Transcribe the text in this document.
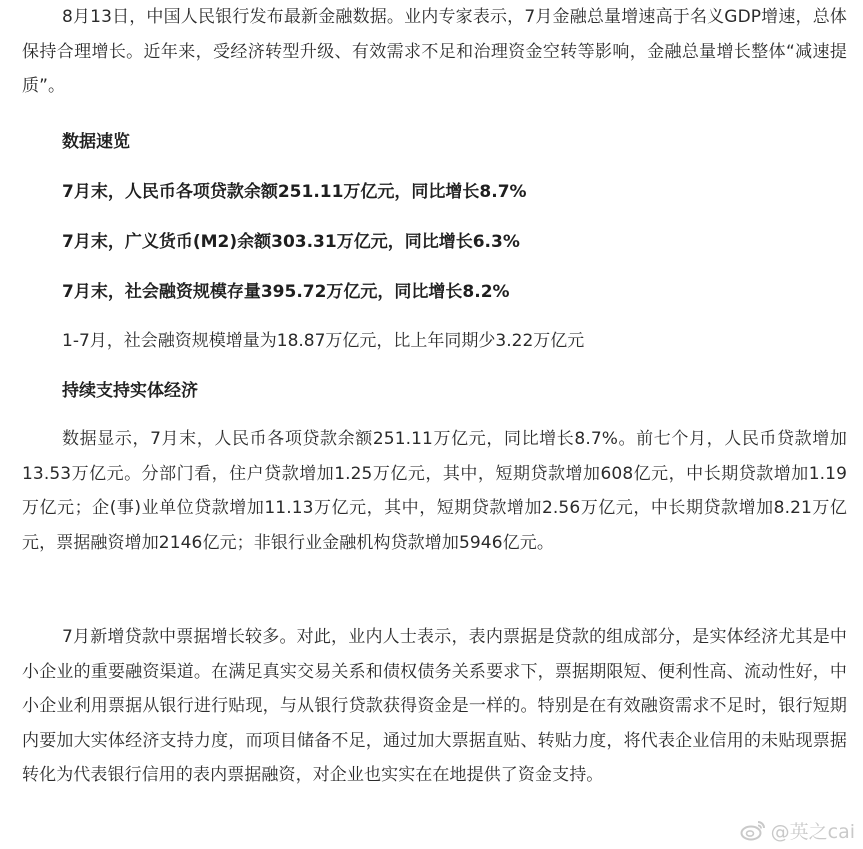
8月13日，中国人民银行发布最新金融数据。业内专家表示，7月金融总量增速高于名义GDP增速，总体保持合理增长。近年来，受经济转型升级、有效需求不足和治理资金空转等影响，金融总量增长整体“减速提质”。

数据速览

7月末，人民币各项贷款余额251.11万亿元，同比增长8.7%

7月末，广义货币(M2)余额303.31万亿元，同比增长6.3%

7月末，社会融资规模存量395.72万亿元，同比增长8.2%

1-7月，社会融资规模增量为18.87万亿元，比上年同期少3.22万亿元

持续支持实体经济

数据显示，7月末，人民币各项贷款余额251.11万亿元，同比增长8.7%。前七个月，人民币贷款增加13.53万亿元。分部门看，住户贷款增加1.25万亿元，其中，短期贷款增加608亿元，中长期贷款增加1.19万亿元；企(事)业单位贷款增加11.13万亿元，其中，短期贷款增加2.56万亿元，中长期贷款增加8.21万亿元，票据融资增加2146亿元；非银行业金融机构贷款增加5946亿元。

7月新增贷款中票据增长较多。对此，业内人士表示，表内票据是贷款的组成部分，是实体经济尤其是中小企业的重要融资渠道。在满足真实交易关系和债权债务关系要求下，票据期限短、便利性高、流动性好，中小企业利用票据从银行进行贴现，与从银行贷款获得资金是一样的。特别是在有效融资需求不足时，银行短期内要加大实体经济支持力度，而项目储备不足，通过加大票据直贴、转贴力度，将代表企业信用的未贴现票据转化为代表银行信用的表内票据融资，对企业也实实在在地提供了资金支持。

@英之cai
